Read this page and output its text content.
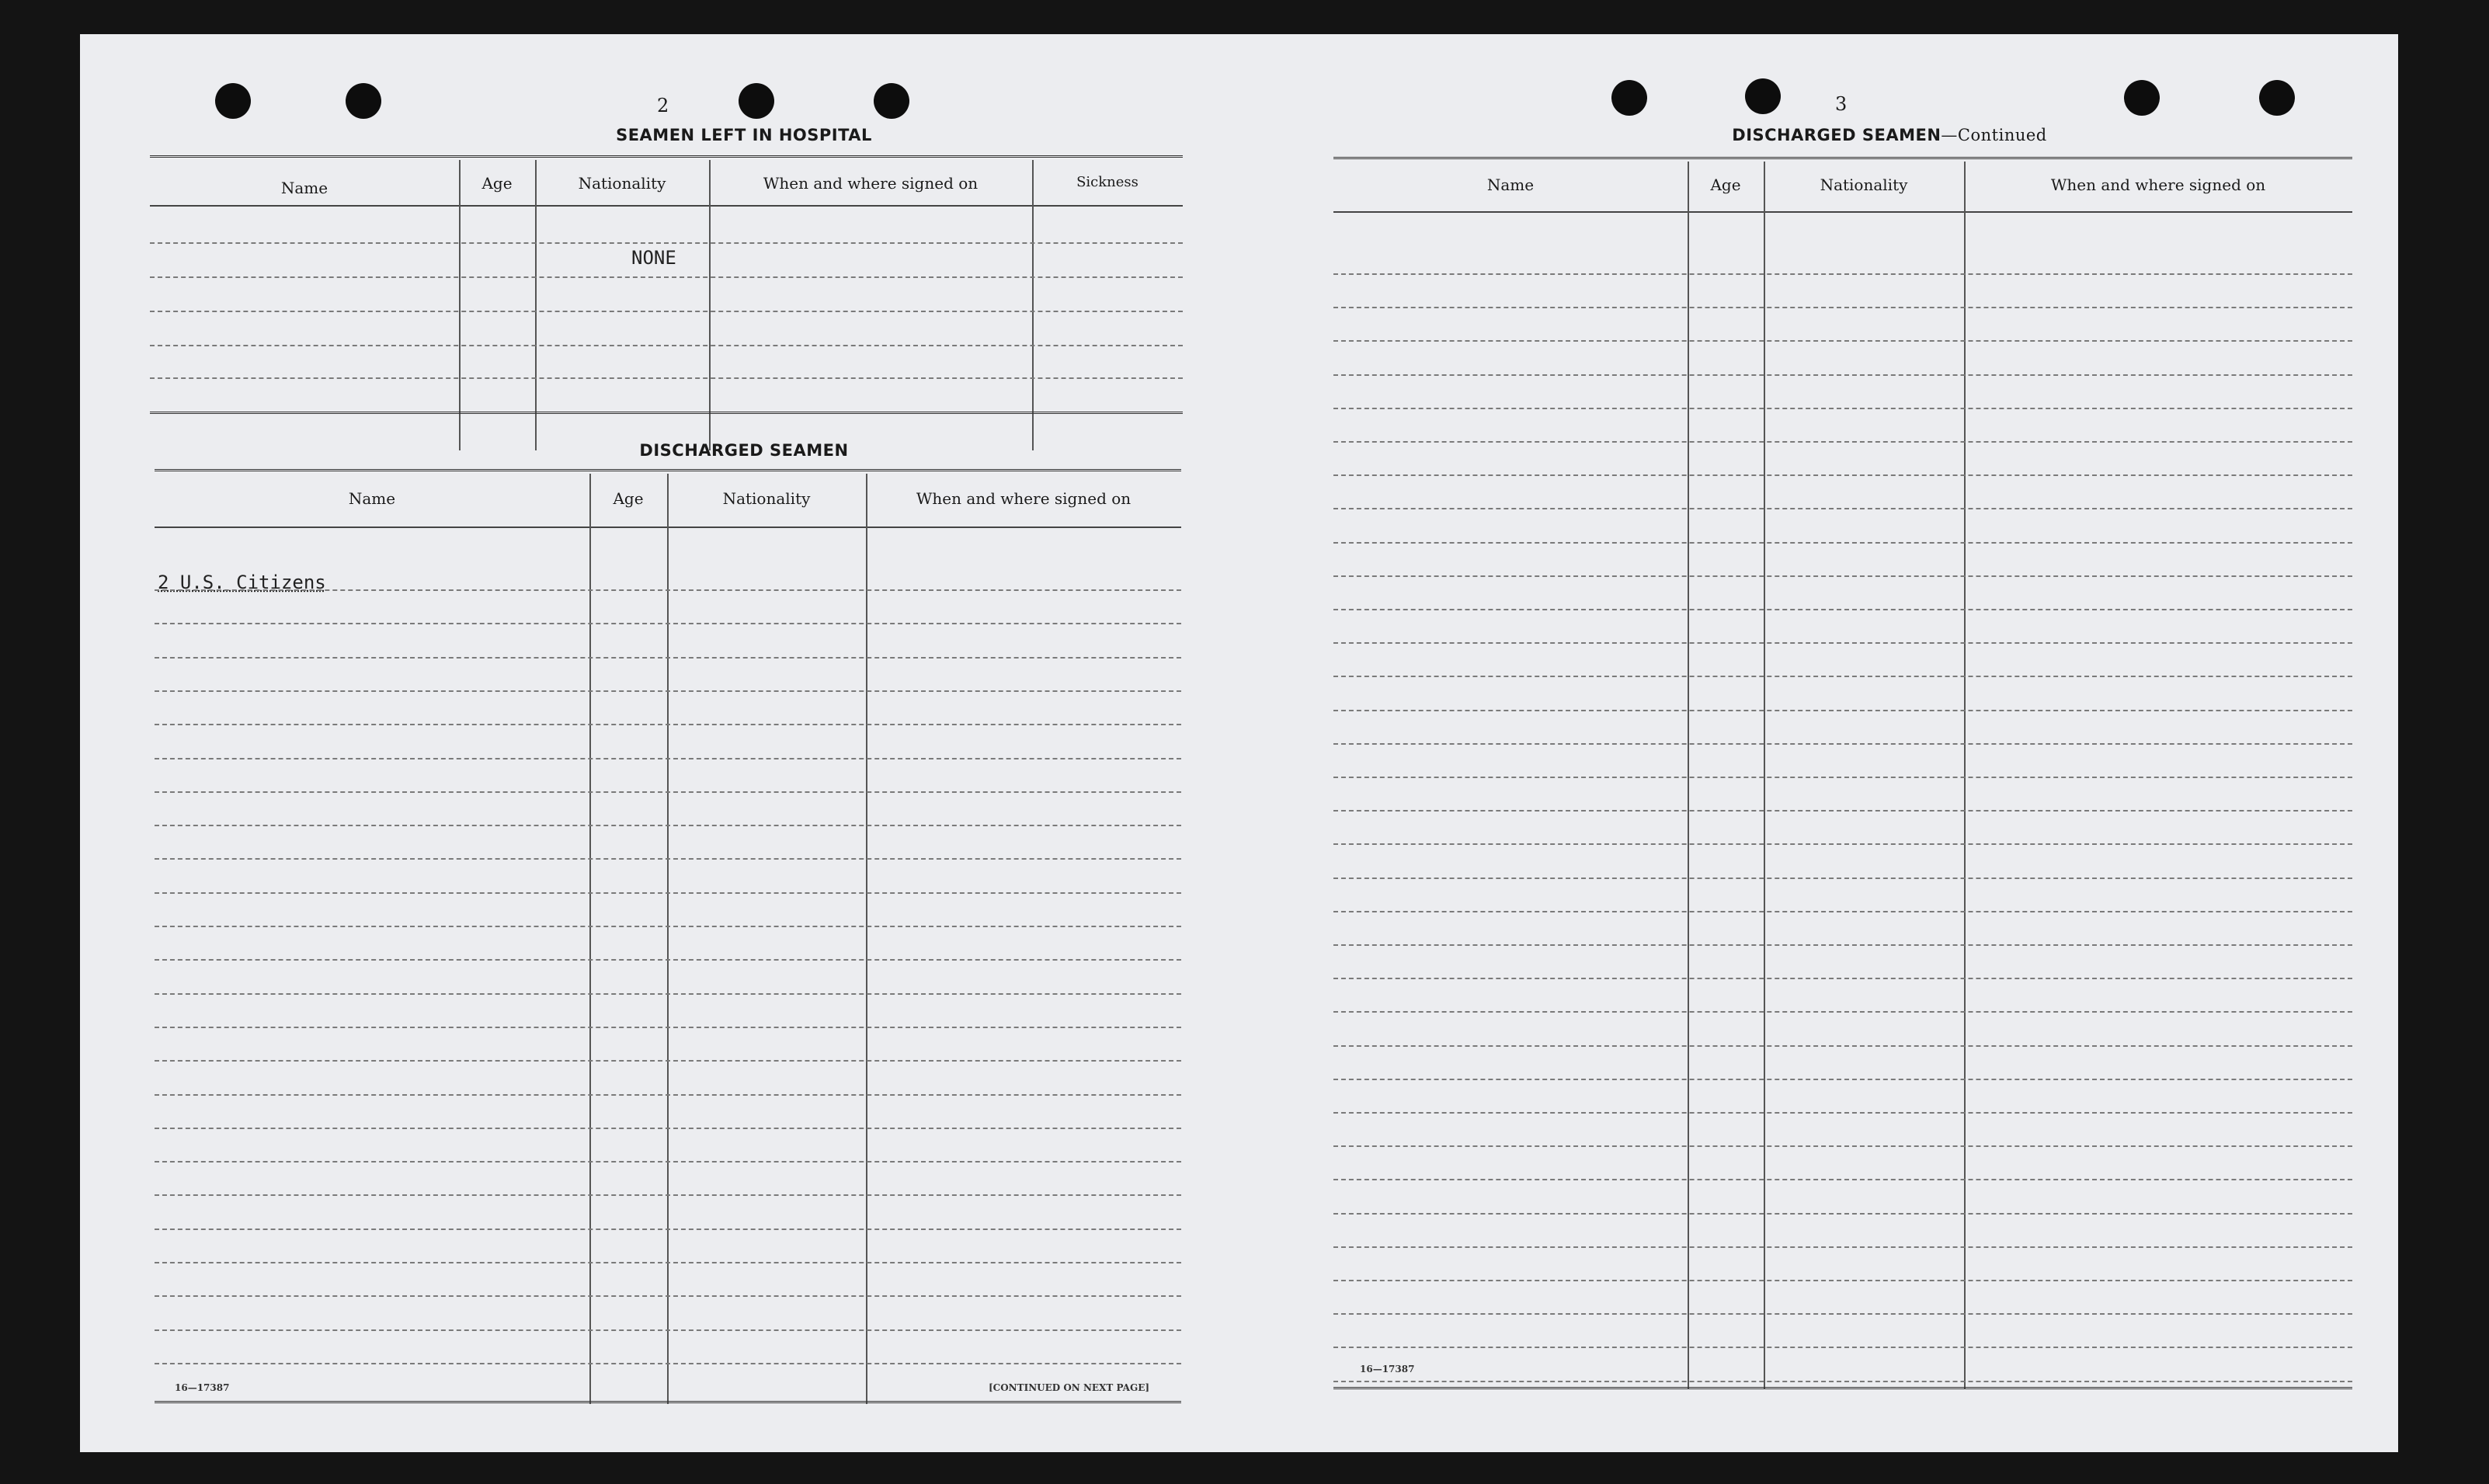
2
SEAMEN LEFT IN HOSPITAL
Name	Age	Nationality	When and where signed on	Sickness
NONE
DISCHARGED SEAMEN
Name	Age	Nationality	When and where signed on
2 U.S. Citizens
16—17387	[CONTINUED ON NEXT PAGE]
3
DISCHARGED SEAMEN—Continued
Name	Age	Nationality	When and where signed on
16—17387
